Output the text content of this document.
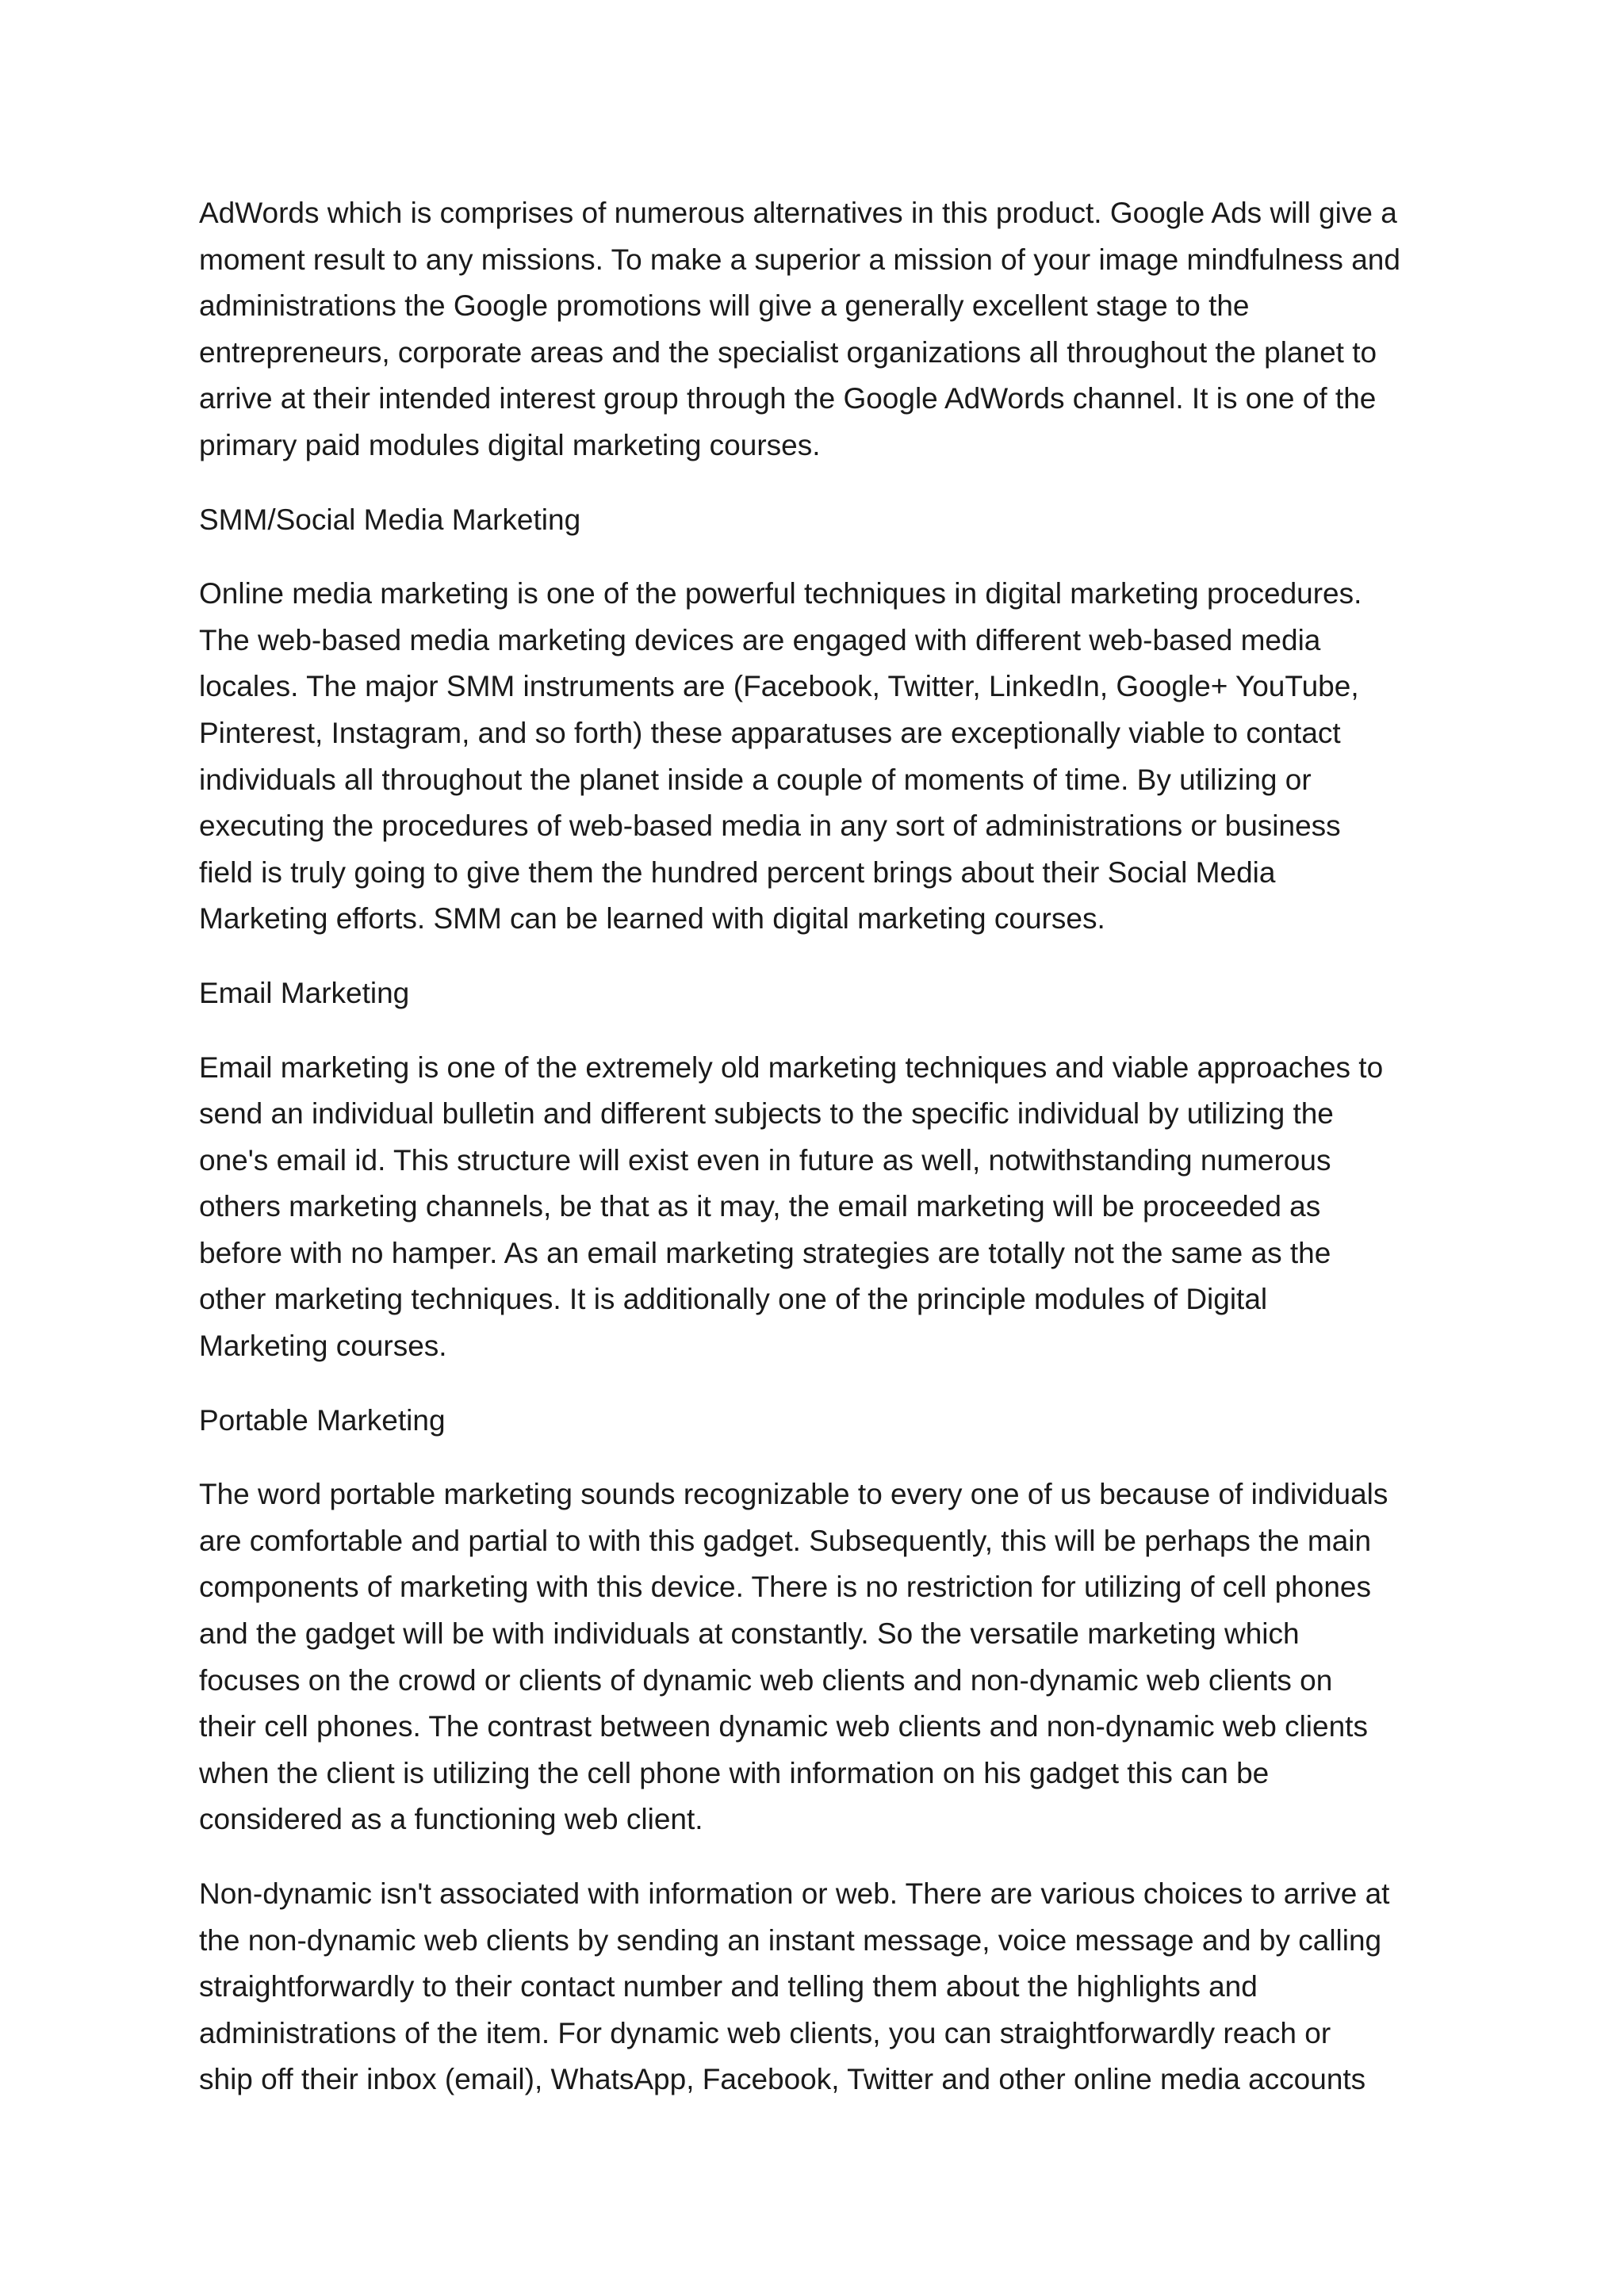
AdWords which is comprises of numerous alternatives in this product. Google Ads will give a
moment result to any missions. To make a superior a mission of your image mindfulness and
administrations the Google promotions will give a generally excellent stage to the
entrepreneurs, corporate areas and the specialist organizations all throughout the planet to
arrive at their intended interest group through the Google AdWords channel. It is one of the
primary paid modules digital marketing courses.
SMM/Social Media Marketing
Online media marketing is one of the powerful techniques in digital marketing procedures.
The web-based media marketing devices are engaged with different web-based media
locales. The major SMM instruments are (Facebook, Twitter, LinkedIn, Google+ YouTube,
Pinterest, Instagram, and so forth) these apparatuses are exceptionally viable to contact
individuals all throughout the planet inside a couple of moments of time. By utilizing or
executing the procedures of web-based media in any sort of administrations or business
field is truly going to give them the hundred percent brings about their Social Media
Marketing efforts. SMM can be learned with digital marketing courses.
Email Marketing
Email marketing is one of the extremely old marketing techniques and viable approaches to
send an individual bulletin and different subjects to the specific individual by utilizing the
one's email id. This structure will exist even in future as well, notwithstanding numerous
others marketing channels, be that as it may, the email marketing will be proceeded as
before with no hamper. As an email marketing strategies are totally not the same as the
other marketing techniques. It is additionally one of the principle modules of Digital
Marketing courses.
Portable Marketing
The word portable marketing sounds recognizable to every one of us because of individuals
are comfortable and partial to with this gadget. Subsequently, this will be perhaps the main
components of marketing with this device. There is no restriction for utilizing of cell phones
and the gadget will be with individuals at constantly. So the versatile marketing which
focuses on the crowd or clients of dynamic web clients and non-dynamic web clients on
their cell phones. The contrast between dynamic web clients and non-dynamic web clients
when the client is utilizing the cell phone with information on his gadget this can be
considered as a functioning web client.
Non-dynamic isn't associated with information or web. There are various choices to arrive at
the non-dynamic web clients by sending an instant message, voice message and by calling
straightforwardly to their contact number and telling them about the highlights and
administrations of the item. For dynamic web clients, you can straightforwardly reach or
ship off their inbox (email), WhatsApp, Facebook, Twitter and other online media accounts
